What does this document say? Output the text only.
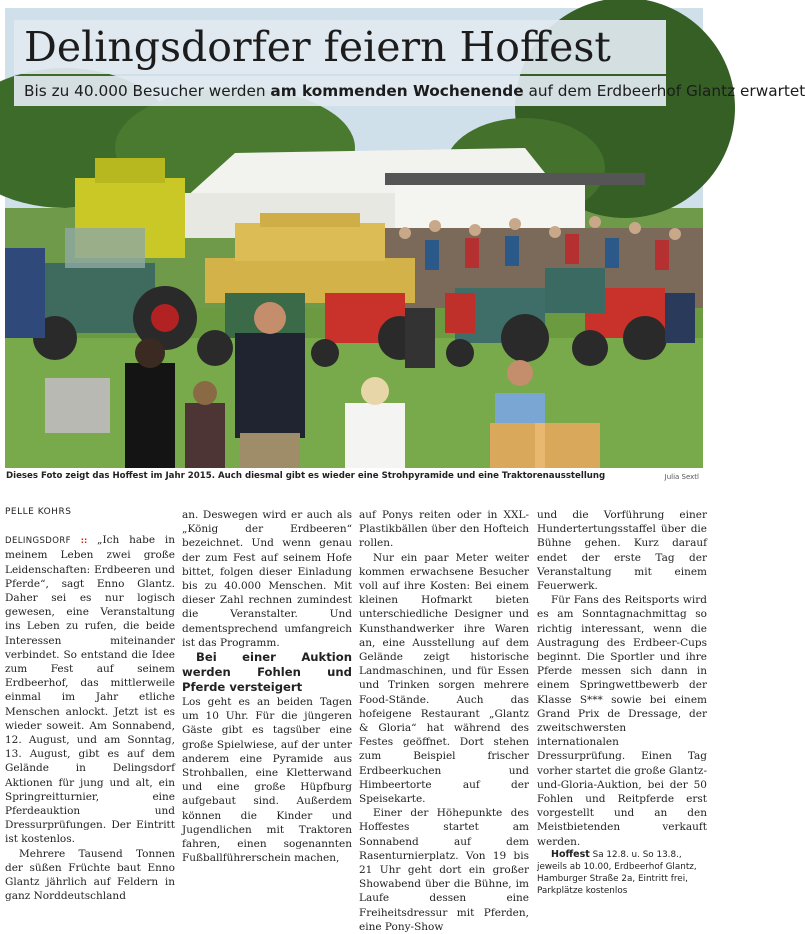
Delingsdorfer feiern Hoffest
Bis zu 40.000 Besucher werden am kommenden Wochenende auf dem Erdbeerhof Glantz erwartet
Dieses Foto zeigt das Hoffest im Jahr 2015. Auch diesmal gibt es wieder eine Strohpyramide und eine Traktorenausstellung	Julia Sextl
PELLE KOHRS

DELINGSDORF :: „Ich habe in meinem Leben zwei große Leidenschaften: Erdbeeren und Pferde“, sagt Enno Glantz. Daher sei es nur logisch gewesen, eine Veranstaltung ins Leben zu rufen, die beide Interessen miteinander verbindet. So entstand die Idee zum Fest auf seinem Erdbeerhof, das mittlerweile einmal im Jahr etliche Menschen anlockt. Jetzt ist es wieder soweit. Am Sonnabend, 12. August, und am Sonntag, 13. August, gibt es auf dem Gelände in Delingsdorf Aktionen für jung und alt, ein Springreitturnier, eine Pferdeauktion und Dressurprüfungen. Der Eintritt ist kostenlos.

Mehrere Tausend Tonnen der süßen Früchte baut Enno Glantz jährlich auf Feldern in ganz Norddeutschland

an. Deswegen wird er auch als „König der Erdbeeren“ bezeichnet. Und wenn genau der zum Fest auf seinem Hofe bittet, folgen dieser Einladung bis zu 40.000 Menschen. Mit dieser Zahl rechnen zumindest die Veranstalter. Und dementsprechend umfangreich ist das Programm.

Bei einer Auktion werden Fohlen und Pferde versteigert

Los geht es an beiden Tagen um 10 Uhr. Für die jüngeren Gäste gibt es tagsüber eine große Spielwiese, auf der unter anderem eine Pyramide aus Strohballen, eine Kletterwand und eine große Hüpfburg aufgebaut sind. Außerdem können die Kinder und Jugendlichen mit Traktoren fahren, einen sogenannten Fußballführerschein machen,

auf Ponys reiten oder in XXL-Plastikbällen über den Hofteich rollen.

Nur ein paar Meter weiter kommen erwachsene Besucher voll auf ihre Kosten: Bei einem kleinen Hofmarkt bieten unterschiedliche Designer und Kunsthandwerker ihre Waren an, eine Ausstellung auf dem Gelände zeigt historische Landmaschinen, und für Essen und Trinken sorgen mehrere Food-Stände. Auch das hofeigene Restaurant „Glantz & Gloria“ hat während des Festes geöffnet. Dort stehen zum Beispiel frischer Erdbeerkuchen und Himbeertorte auf der Speisekarte.

Einer der Höhepunkte des Hoffestes startet am Sonnabend auf dem Rasenturnierplatz. Von 19 bis 21 Uhr geht dort ein großer Showabend über die Bühne, im Laufe dessen eine Freiheitsdressur mit Pferden, eine Pony-Show

und die Vorführung einer Hundertertungsstaffel über die Bühne gehen. Kurz darauf endet der erste Tag der Veranstaltung mit einem Feuerwerk.

Für Fans des Reitsports wird es am Sonntagnachmittag so richtig interessant, wenn die Austragung des Erdbeer-Cups beginnt. Die Sportler und ihre Pferde messen sich dann in einem Springwettbewerb der Klasse S*** sowie bei einem Grand Prix de Dressage, der zweitschwersten internationalen Dressurprüfung. Einen Tag vorher startet die große Glantz-und-Gloria-Auktion, bei der 50 Fohlen und Reitpferde erst vorgestellt und an den Meistbietenden verkauft werden.

Hoffest Sa 12.8. u. So 13.8., jeweils ab 10.00, Erdbeerhof Glantz, Hamburger Straße 2a, Eintritt frei, Parkplätze kostenlos
